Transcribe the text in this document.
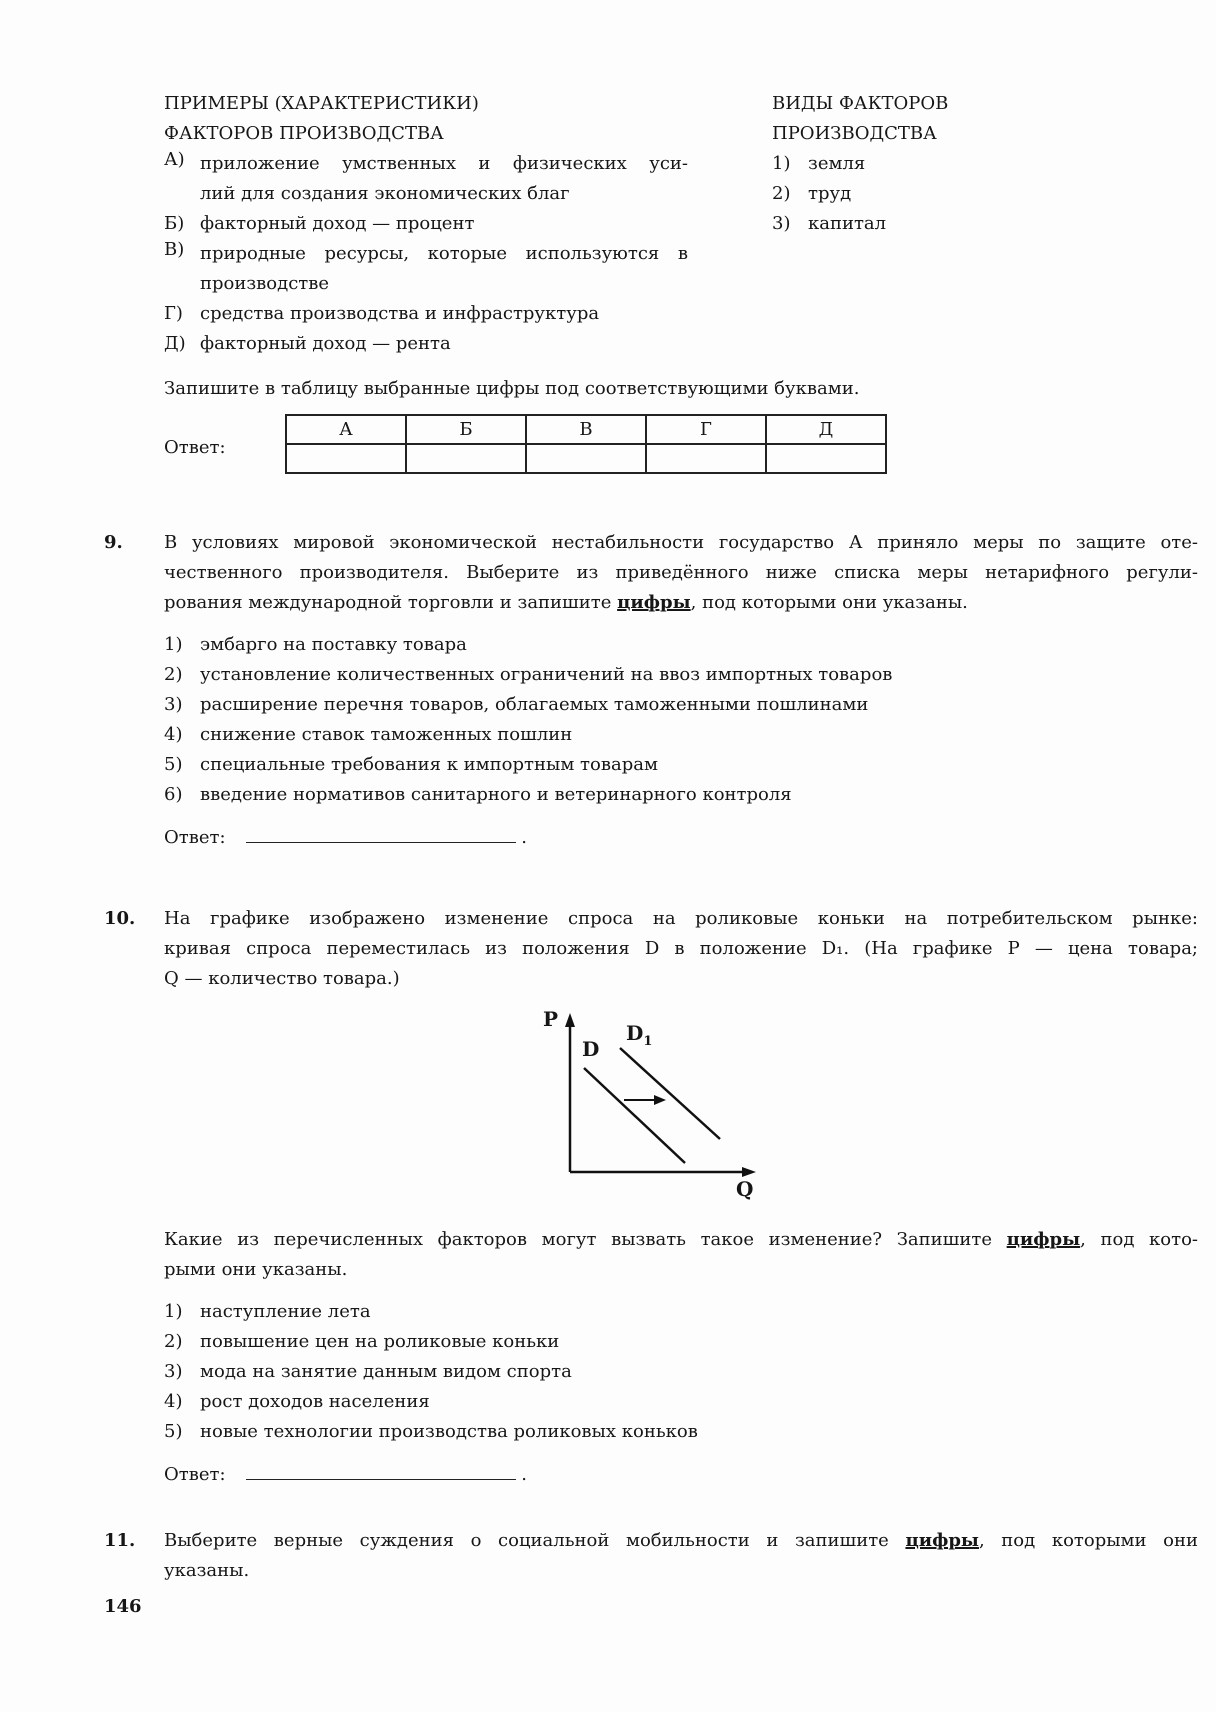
ПРИМЕРЫ (ХАРАКТЕРИСТИКИ)
ФАКТОРОВ ПРОИЗВОДСТВА
А) приложение умственных и физических уси-
лий для создания экономических благ
Б) факторный доход — процент
В) природные ресурсы, которые используются в
производстве
Г) средства производства и инфраструктура
Д) факторный доход — рента
ВИДЫ ФАКТОРОВ
ПРОИЗВОДСТВА
1) земля
2) труд
3) капитал
Запишите в таблицу выбранные цифры под соответствующими буквами.
Ответ:
А	Б	В	Г	Д

9. В условиях мировой экономической нестабильности государство А приняло меры по защите оте-
чественного производителя. Выберите из приведённого ниже списка меры нетарифного регули-
рования международной торговли и запишите цифры, под которыми они указаны.
1) эмбарго на поставку товара
2) установление количественных ограничений на ввоз импортных товаров
3) расширение перечня товаров, облагаемых таможенными пошлинами
4) снижение ставок таможенных пошлин
5) специальные требования к импортным товарам
6) введение нормативов санитарного и ветеринарного контроля
Ответ:	.
10. На графике изображено изменение спроса на роликовые коньки на потребительском рынке:
кривая спроса переместилась из положения D в положение D₁. (На графике P — цена товара;
Q — количество товара.)
P
Q
D
$D_1$
Какие из перечисленных факторов могут вызвать такое изменение? Запишите цифры, под кото-
рыми они указаны.
1) наступление лета
2) повышение цен на роликовые коньки
3) мода на занятие данным видом спорта
4) рост доходов населения
5) новые технологии производства роликовых коньков
Ответ:	.
11. Выберите верные суждения о социальной мобильности и запишите цифры, под которыми они
указаны.
146
